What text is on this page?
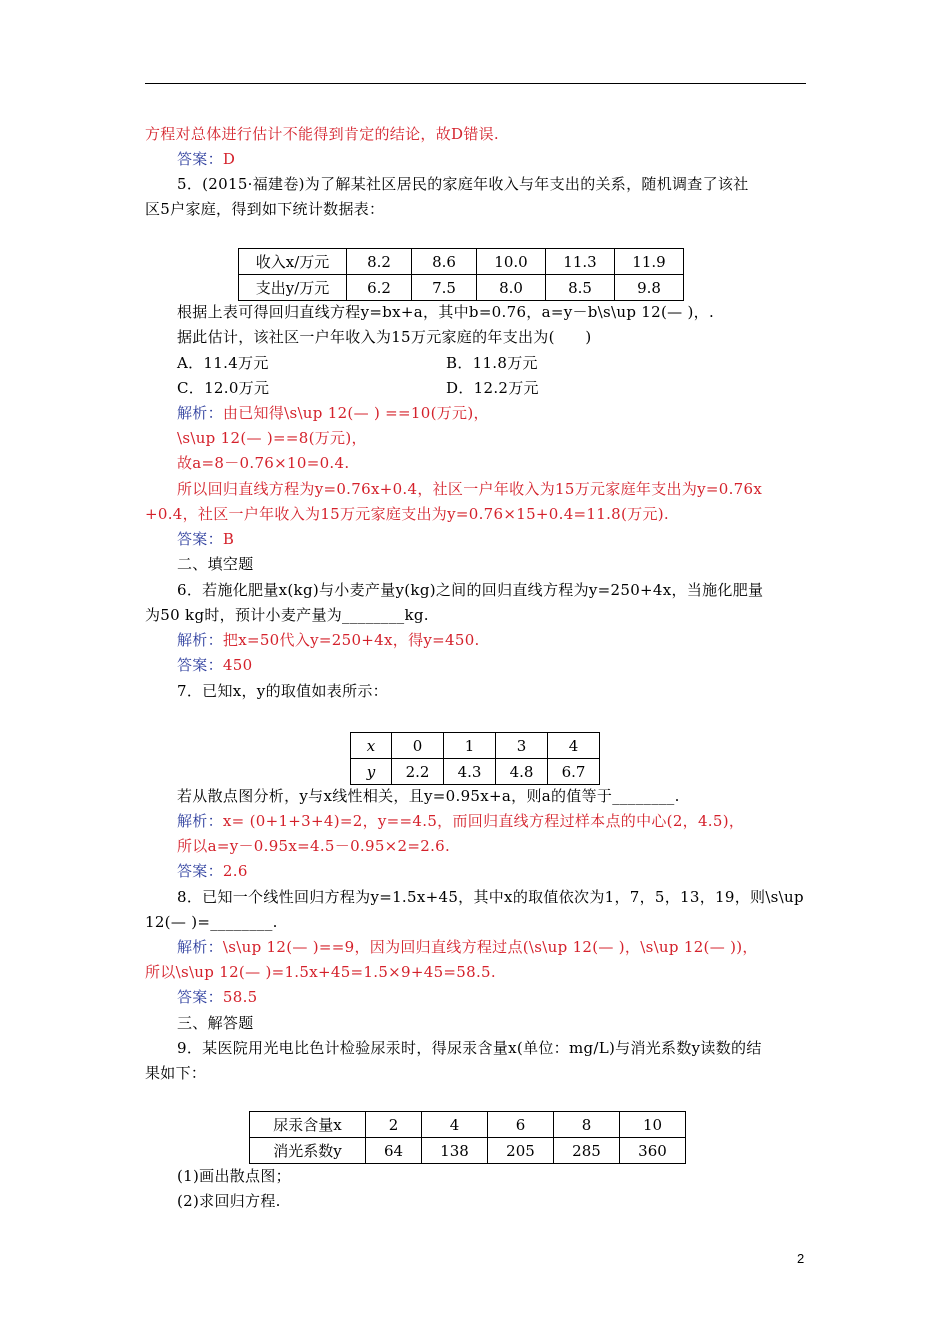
方程对总体进行估计不能得到肯定的结论，故D错误.
答案：D
5．(2015·福建卷)为了解某社区居民的家庭年收入与年支出的关系，随机调查了该社
区5户家庭，得到如下统计数据表：
收入x/万元	8.2	8.6	10.0	11.3	11.9
支出y/万元	6.2	7.5	8.0	8.5	9.8
根据上表可得回归直线方程y=bx+a，其中b=0.76，a=y－b\s\up 12(— )，.
据此估计，该社区一户年收入为15万元家庭的年支出为(　　)
A．11.4万元	B．11.8万元
C．12.0万元	D．12.2万元
解析：由已知得\s\up 12(— ) ==10(万元)，
\s\up 12(— )==8(万元)，
故a=8－0.76×10=0.4.
所以回归直线方程为y=0.76x+0.4，社区一户年收入为15万元家庭年支出为y=0.76x
+0.4，社区一户年收入为15万元家庭支出为y=0.76×15+0.4=11.8(万元).
答案：B
二、填空题
6．若施化肥量x(kg)与小麦产量y(kg)之间的回归直线方程为y=250+4x，当施化肥量
为50 kg时，预计小麦产量为________kg.
解析：把x=50代入y=250+4x，得y=450.
答案：450
7．已知x，y的取值如表所示：
x	0	1	3	4
y	2.2	4.3	4.8	6.7
若从散点图分析，y与x线性相关，且y=0.95x+a，则a的值等于________.
解析：x= (0+1+3+4)=2，y==4.5，而回归直线方程过样本点的中心(2，4.5)，
所以a=y－0.95x=4.5－0.95×2=2.6.
答案：2.6
8．已知一个线性回归方程为y=1.5x+45，其中x的取值依次为1，7，5，13，19，则\s\up
12(— )=________.
解析：\s\up 12(— )==9，因为回归直线方程过点(\s\up 12(— )，\s\up 12(— ))，
所以\s\up 12(— )=1.5x+45=1.5×9+45=58.5.
答案：58.5
三、解答题
9．某医院用光电比色计检验尿汞时，得尿汞含量x(单位：mg/L)与消光系数y读数的结
果如下：
尿汞含量x	2	4	6	8	10
消光系数y	64	138	205	285	360
(1)画出散点图；
(2)求回归方程.
2
